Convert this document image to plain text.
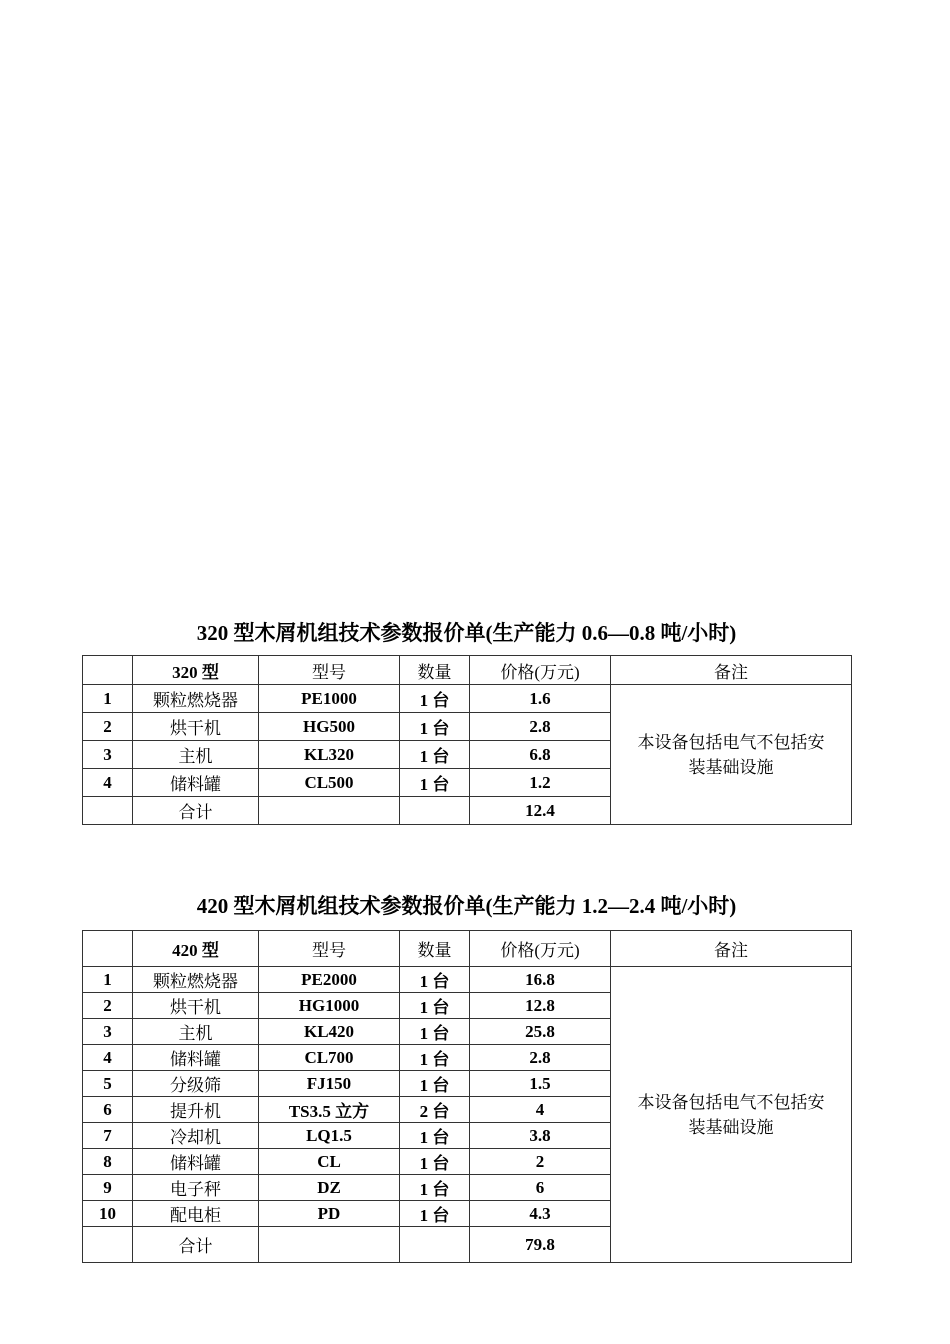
320 型木屑机组技术参数报价单(生产能力 0.6—0.8 吨/小时)
	320 型	型号	数量	价格(万元)	备注
1	颗粒燃烧器	PE1000	1 台	1.6	本设备包括电气不包括安装基础设施
2	烘干机	HG500	1 台	2.8	
3	主机	KL320	1 台	6.8	
4	储料罐	CL500	1 台	1.2	
	合计			12.4	
420 型木屑机组技术参数报价单(生产能力 1.2—2.4 吨/小时)
	420 型	型号	数量	价格(万元)	备注
1	颗粒燃烧器	PE2000	1 台	16.8	本设备包括电气不包括安装基础设施
2	烘干机	HG1000	1 台	12.8	
3	主机	KL420	1 台	25.8	
4	储料罐	CL700	1 台	2.8	
5	分级筛	FJ150	1 台	1.5	
6	提升机	TS3.5 立方	2 台	4	
7	冷却机	LQ1.5	1 台	3.8	
8	储料罐	CL	1 台	2	
9	电子秤	DZ	1 台	6	
10	配电柜	PD	1 台	4.3	
	合计			79.8	
